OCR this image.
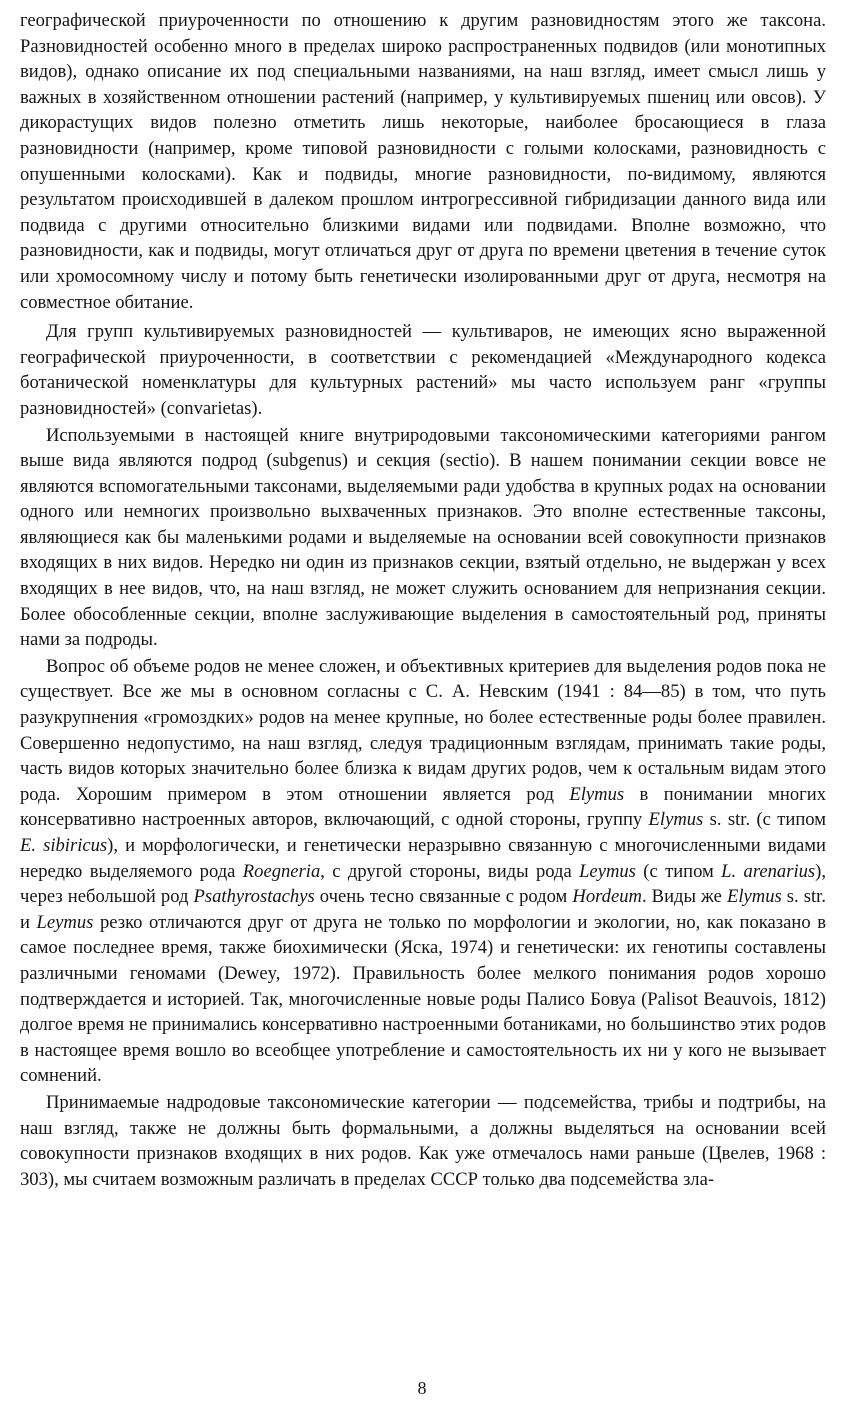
географической приуроченности по отношению к другим разновидностям этого же таксона. Разновидностей особенно много в пределах широко распространенных подвидов (или монотипных видов), однако описание их под специальными названиями, на наш взгляд, имеет смысл лишь у важных в хозяйственном отношении растений (например, у культивируемых пшениц или овсов). У дикорастущих видов полезно отметить лишь некоторые, наиболее бросающиеся в глаза разновидности (например, кроме типовой разновидности с голыми колосками, разновидность с опушенными колосками). Как и подвиды, многие разновидности, по-видимому, являются результатом происходившей в далеком прошлом интрогрессивной гибридизации данного вида или подвида с другими относительно близкими видами или подвидами. Вполне возможно, что разновидности, как и подвиды, могут отличаться друг от друга по времени цветения в течение суток или хромосомному числу и потому быть генетически изолированными друг от друга, несмотря на совместное обитание.

Для групп культивируемых разновидностей — культиваров, не имеющих ясно выраженной географической приуроченности, в соответствии с рекомендацией «Международного кодекса ботанической номенклатуры для культурных растений» мы часто используем ранг «группы разновидностей» (convarietas).

Используемыми в настоящей книге внутриродовыми таксономическими категориями рангом выше вида являются подрод (subgenus) и секция (sectio). В нашем понимании секции вовсе не являются вспомогательными таксонами, выделяемыми ради удобства в крупных родах на основании одного или немногих произвольно выхваченных признаков. Это вполне естественные таксоны, являющиеся как бы маленькими родами и выделяемые на основании всей совокупности признаков входящих в них видов. Нередко ни один из признаков секции, взятый отдельно, не выдержан у всех входящих в нее видов, что, на наш взгляд, не может служить основанием для непризнания секции. Более обособленные секции, вполне заслуживающие выделения в самостоятельный род, приняты нами за подроды.

Вопрос об объеме родов не менее сложен, и объективных критериев для выделения родов пока не существует. Все же мы в основном согласны с С. А. Невским (1941 : 84—85) в том, что путь разукрупнения «громоздких» родов на менее крупные, но более естественные роды более правилен. Совершенно недопустимо, на наш взгляд, следуя традиционным взглядам, принимать такие роды, часть видов которых значительно более близка к видам других родов, чем к остальным видам этого рода. Хорошим примером в этом отношении является род Elymus в понимании многих консервативно настроенных авторов, включающий, с одной стороны, группу Elymus s. str. (с типом E. sibiricus), и морфологически, и генетически неразрывно связанную с многочисленными видами нередко выделяемого рода Roegneria, с другой стороны, виды рода Leymus (с типом L. arenarius), через небольшой род Psathyrostachys очень тесно связанные с родом Hordeum. Виды же Elymus s. str. и Leymus резко отличаются друг от друга не только по морфологии и экологии, но, как показано в самое последнее время, также биохимически (Яска, 1974) и генетически: их генотипы составлены различными геномами (Dewey, 1972). Правильность более мелкого понимания родов хорошо подтверждается и историей. Так, многочисленные новые роды Палисо Бовуа (Palisot Beauvois, 1812) долгое время не принимались консервативно настроенными ботаниками, но большинство этих родов в настоящее время вошло во всеобщее употребление и самостоятельность их ни у кого не вызывает сомнений.

Принимаемые надродовые таксономические категории — подсемейства, трибы и подтрибы, на наш взгляд, также не должны быть формальными, а должны выделяться на основании всей совокупности признаков входящих в них родов. Как уже отмечалось нами раньше (Цвелев, 1968 : 303), мы считаем возможным различать в пределах СССР только два подсемейства зла-

8
